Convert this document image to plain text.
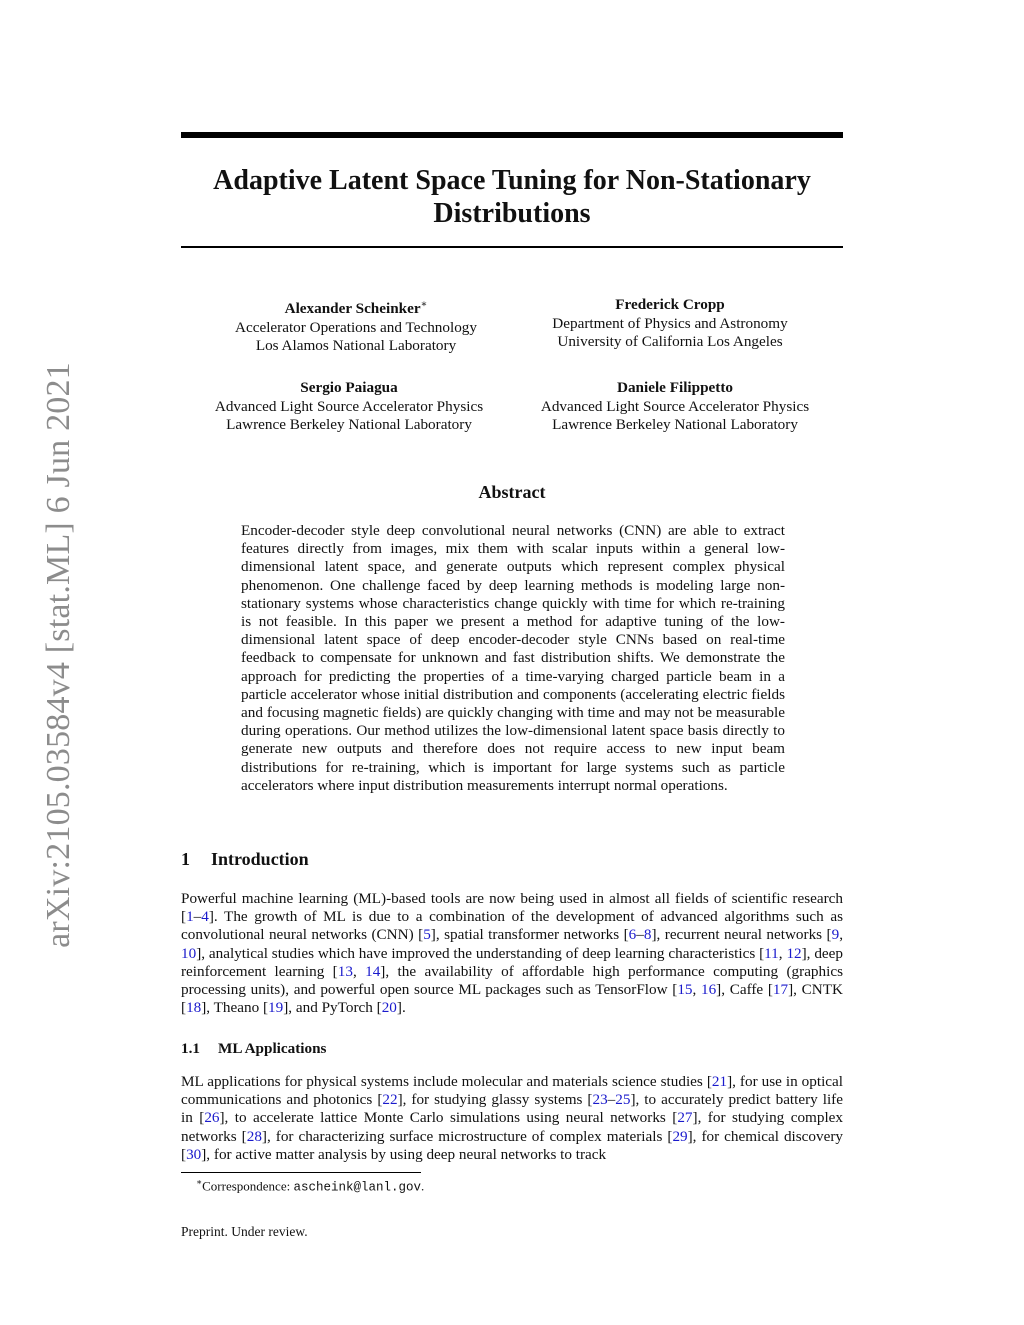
arXiv:2105.03584v4 [stat.ML] 6 Jun 2021
Adaptive Latent Space Tuning for Non-Stationary Distributions
Alexander Scheinker∗
Accelerator Operations and Technology
Los Alamos National Laboratory
Frederick Cropp
Department of Physics and Astronomy
University of California Los Angeles
Sergio Paiagua
Advanced Light Source Accelerator Physics
Lawrence Berkeley National Laboratory
Daniele Filippetto
Advanced Light Source Accelerator Physics
Lawrence Berkeley National Laboratory
Abstract
Encoder-decoder style deep convolutional neural networks (CNN) are able to extract features directly from images, mix them with scalar inputs within a general low-dimensional latent space, and generate outputs which represent complex physical phenomenon. One challenge faced by deep learning methods is modeling large non-stationary systems whose characteristics change quickly with time for which re-training is not feasible. In this paper we present a method for adaptive tuning of the low-dimensional latent space of deep encoder-decoder style CNNs based on real-time feedback to compensate for unknown and fast distribution shifts. We demonstrate the approach for predicting the properties of a time-varying charged particle beam in a particle accelerator whose initial distribution and components (accelerating electric fields and focusing magnetic fields) are quickly changing with time and may not be measurable during operations. Our method utilizes the low-dimensional latent space basis directly to generate new outputs and therefore does not require access to new input beam distributions for re-training, which is important for large systems such as particle accelerators where input distribution measurements interrupt normal operations.
1 Introduction
Powerful machine learning (ML)-based tools are now being used in almost all fields of scientific research [1–4]. The growth of ML is due to a combination of the development of advanced algorithms such as convolutional neural networks (CNN) [5], spatial transformer networks [6–8], recurrent neural networks [9, 10], analytical studies which have improved the understanding of deep learning characteristics [11, 12], deep reinforcement learning [13, 14], the availability of affordable high performance computing (graphics processing units), and powerful open source ML packages such as TensorFlow [15, 16], Caffe [17], CNTK [18], Theano [19], and PyTorch [20].
1.1 ML Applications
ML applications for physical systems include molecular and materials science studies [21], for use in optical communications and photonics [22], for studying glassy systems [23–25], to accurately predict battery life in [26], to accelerate lattice Monte Carlo simulations using neural networks [27], for studying complex networks [28], for characterizing surface microstructure of complex materials [29], for chemical discovery [30], for active matter analysis by using deep neural networks to track
∗Correspondence: ascheink@lanl.gov.
Preprint. Under review.
